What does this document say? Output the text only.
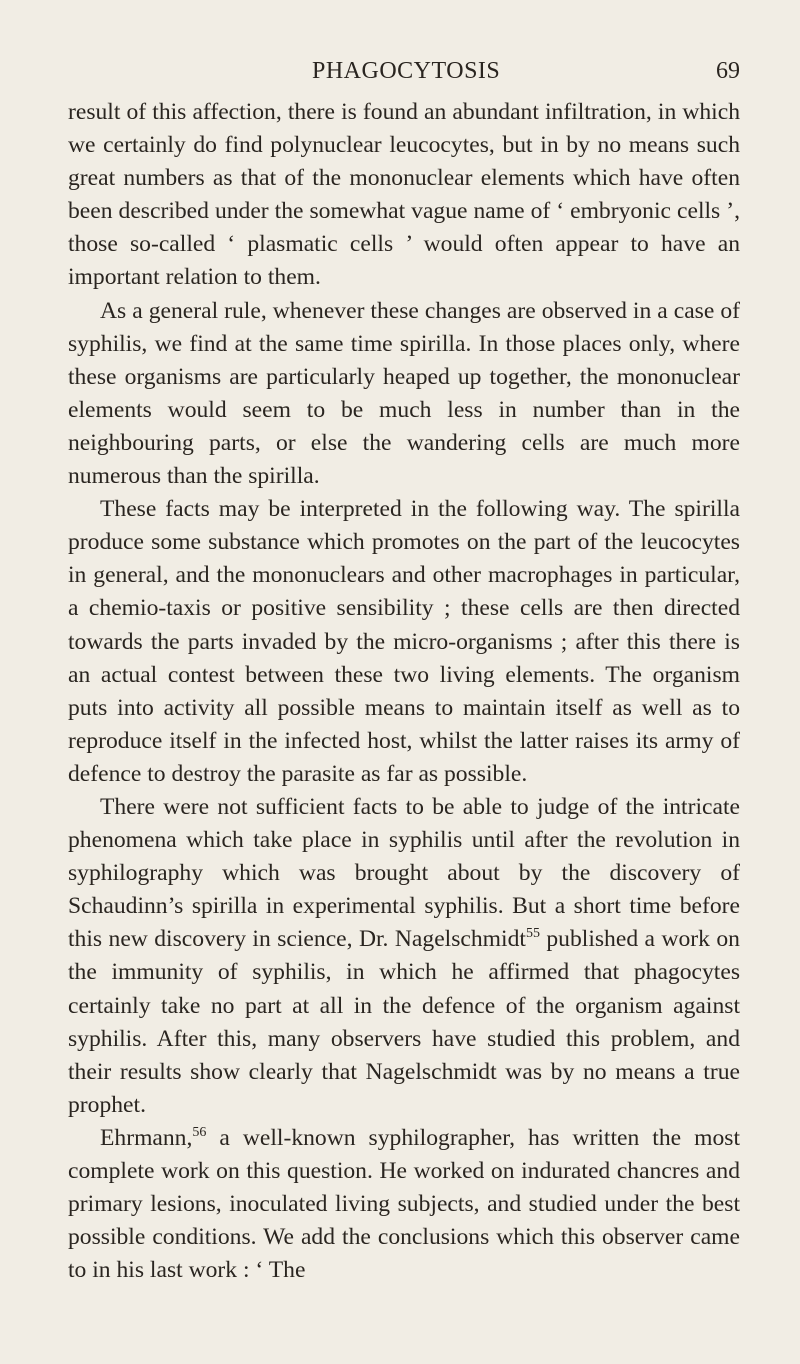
PHAGOCYTOSIS	69

result of this affection, there is found an abundant infiltration, in which we certainly do find polynuclear leucocytes, but in by no means such great numbers as that of the mononuclear elements which have often been described under the somewhat vague name of ‘ embryonic cells ’, those so-called ‘ plasmatic cells ’ would often appear to have an important relation to them.

As a general rule, whenever these changes are observed in a case of syphilis, we find at the same time spirilla. In those places only, where these organisms are particularly heaped up together, the mononuclear elements would seem to be much less in number than in the neighbouring parts, or else the wandering cells are much more numerous than the spirilla.

These facts may be interpreted in the following way. The spirilla produce some substance which promotes on the part of the leucocytes in general, and the mononuclears and other macrophages in particular, a chemio-taxis or positive sensibility ; these cells are then directed towards the parts invaded by the micro-organisms ; after this there is an actual contest between these two living elements. The organism puts into activity all possible means to maintain itself as well as to reproduce itself in the infected host, whilst the latter raises its army of defence to destroy the parasite as far as possible.

There were not sufficient facts to be able to judge of the intricate phenomena which take place in syphilis until after the revolution in syphilography which was brought about by the discovery of Schaudinn’s spirilla in experimental syphilis. But a short time before this new discovery in science, Dr. Nagelschmidt$^{55}$ published a work on the immunity of syphilis, in which he affirmed that phagocytes certainly take no part at all in the defence of the organism against syphilis. After this, many observers have studied this problem, and their results show clearly that Nagelschmidt was by no means a true prophet.

Ehrmann,$^{56}$ a well-known syphilographer, has written the most complete work on this question. He worked on indurated chancres and primary lesions, inoculated living subjects, and studied under the best possible conditions. We add the conclusions which this observer came to in his last work : ‘ The
